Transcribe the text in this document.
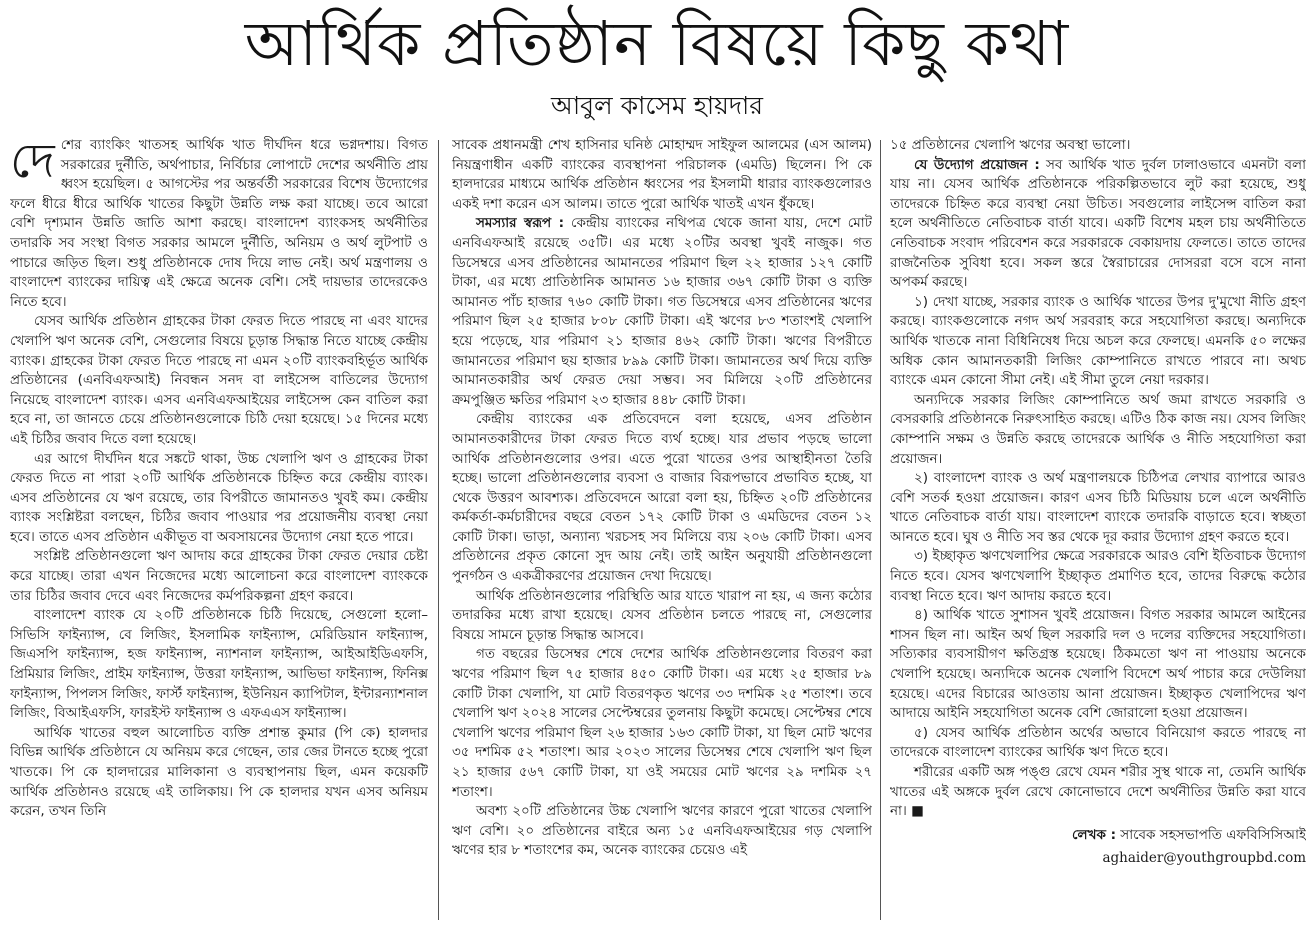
আর্থিক প্রতিষ্ঠান বিষয়ে কিছু কথা
আবুল কাসেম হায়দার

দেশের ব্যাংকিং খাতসহ আর্থিক খাত দীর্ঘদিন ধরে ভগ্নদশায়। বিগত সরকারের দুর্নীতি, অর্থপাচার, নির্বিচার লোপাটে দেশের অর্থনীতি প্রায় ধ্বংস হয়েছিল। ৫ আগস্টের পর অন্তর্বর্তী সরকারের বিশেষ উদ্যোগের ফলে ধীরে ধীরে আর্থিক খাতের কিছুটা উন্নতি লক্ষ করা যাচ্ছে। তবে আরো বেশি দৃশ্যমান উন্নতি জাতি আশা করছে। বাংলাদেশ ব্যাংকসহ অর্থনীতির তদারকি সব সংস্থা বিগত সরকার আমলে দুর্নীতি, অনিয়ম ও অর্থ লুটপাট ও পাচারে জড়িত ছিল। শুধু প্রতিষ্ঠানকে দোষ দিয়ে লাভ নেই। অর্থ মন্ত্রণালয় ও বাংলাদেশ ব্যাংকের দায়িত্ব এই ক্ষেত্রে অনেক বেশি। সেই দায়ভার তাদেরকেও নিতে হবে।

যেসব আর্থিক প্রতিষ্ঠান গ্রাহকের টাকা ফেরত দিতে পারছে না এবং যাদের খেলাপি ঋণ অনেক বেশি, সেগুলোর বিষয়ে চূড়ান্ত সিদ্ধান্ত নিতে যাচ্ছে কেন্দ্রীয় ব্যাংক। গ্রাহকের টাকা ফেরত দিতে পারছে না এমন ২০টি ব্যাংকবহির্ভূত আর্থিক প্রতিষ্ঠানের (এনবিএফআই) নিবন্ধন সনদ বা লাইসেন্স বাতিলের উদ্যোগ নিয়েছে বাংলাদেশ ব্যাংক। এসব এনবিএফআইয়ের লাইসেন্স কেন বাতিল করা হবে না, তা জানতে চেয়ে প্রতিষ্ঠানগুলোকে চিঠি দেয়া হয়েছে। ১৫ দিনের মধ্যে এই চিঠির জবাব দিতে বলা হয়েছে।

এর আগে দীর্ঘদিন ধরে সঙ্কটে থাকা, উচ্চ খেলাপি ঋণ ও গ্রাহকের টাকা ফেরত দিতে না পারা ২০টি আর্থিক প্রতিষ্ঠানকে চিহ্নিত করে কেন্দ্রীয় ব্যাংক। এসব প্রতিষ্ঠানের যে ঋণ রয়েছে, তার বিপরীতে জামানতও খুবই কম। কেন্দ্রীয় ব্যাংক সংশ্লিষ্টরা বলছেন, চিঠির জবাব পাওয়ার পর প্রয়োজনীয় ব্যবস্থা নেয়া হবে। তাতে এসব প্রতিষ্ঠান একীভূত বা অবসায়নের উদ্যোগ নেয়া হতে পারে।

সংশ্লিষ্ট প্রতিষ্ঠানগুলো ঋণ আদায় করে গ্রাহকের টাকা ফেরত দেয়ার চেষ্টা করে যাচ্ছে। তারা এখন নিজেদের মধ্যে আলোচনা করে বাংলাদেশ ব্যাংককে তার চিঠির জবাব দেবে এবং নিজেদের কর্মপরিকল্পনা গ্রহণ করবে।

বাংলাদেশ ব্যাংক যে ২০টি প্রতিষ্ঠানকে চিঠি দিয়েছে, সেগুলো হলো– সিভিসি ফাইন্যান্স, বে লিজিং, ইসলামিক ফাইন্যান্স, মেরিডিয়ান ফাইন্যান্স, জিএসপি ফাইন্যান্স, হজ ফাইন্যান্স, ন্যাশনাল ফাইন্যান্স, আইআইডিএফসি, প্রিমিয়ার লিজিং, প্রাইম ফাইন্যান্স, উত্তরা ফাইন্যান্স, আভিভা ফাইন্যান্স, ফিনিক্স ফাইন্যান্স, পিপলস লিজিং, ফার্স্ট ফাইন্যান্স, ইউনিয়ন ক্যাপিটাল, ইন্টারন্যাশনাল লিজিং, বিআইএফসি, ফারইস্ট ফাইন্যান্স ও এফএএস ফাইন্যান্স।

আর্থিক খাতের বহুল আলোচিত ব্যক্তি প্রশান্ত কুমার (পি কে) হালদার বিভিন্ন আর্থিক প্রতিষ্ঠানে যে অনিয়ম করে গেছেন, তার জের টানতে হচ্ছে পুরো খাতকে। পি কে হালদারের মালিকানা ও ব্যবস্থাপনায় ছিল, এমন কয়েকটি আর্থিক প্রতিষ্ঠানও রয়েছে এই তালিকায়। পি কে হালদার যখন এসব অনিয়ম করেন, তখন তিনি

সাবেক প্রধানমন্ত্রী শেখ হাসিনার ঘনিষ্ঠ মোহাম্মদ সাইফুল আলমের (এস আলম) নিয়ন্ত্রণাধীন একটি ব্যাংকের ব্যবস্থাপনা পরিচালক (এমডি) ছিলেন। পি কে হালদারের মাধ্যমে আর্থিক প্রতিষ্ঠান ধ্বংসের পর ইসলামী ধারার ব্যাংকগুলোরও একই দশা করেন এস আলম। তাতে পুরো আর্থিক খাতই এখন ধুঁকছে।

সমস্যার স্বরূপ : কেন্দ্রীয় ব্যাংকের নথিপত্র থেকে জানা যায়, দেশে মোট এনবিএফআই রয়েছে ৩৫টি। এর মধ্যে ২০টির অবস্থা খুবই নাজুক। গত ডিসেম্বরে এসব প্রতিষ্ঠানের আমানতের পরিমাণ ছিল ২২ হাজার ১২৭ কোটি টাকা, এর মধ্যে প্রাতিষ্ঠানিক আমানত ১৬ হাজার ৩৬৭ কোটি টাকা ও ব্যক্তি আমানত পাঁচ হাজার ৭৬০ কোটি টাকা। গত ডিসেম্বরে এসব প্রতিষ্ঠানের ঋণের পরিমাণ ছিল ২৫ হাজার ৮০৮ কোটি টাকা। এই ঋণের ৮৩ শতাংশই খেলাপি হয়ে পড়েছে, যার পরিমাণ ২১ হাজার ৪৬২ কোটি টাকা। ঋণের বিপরীতে জামানতের পরিমাণ ছয় হাজার ৮৯৯ কোটি টাকা। জামানতের অর্থ দিয়ে ব্যক্তি আমানতকারীর অর্থ ফেরত দেয়া সম্ভব। সব মিলিয়ে ২০টি প্রতিষ্ঠানের ক্রমপুঞ্জিত ক্ষতির পরিমাণ ২৩ হাজার ৪৪৮ কোটি টাকা।

কেন্দ্রীয় ব্যাংকের এক প্রতিবেদনে বলা হয়েছে, এসব প্রতিষ্ঠান আমানতকারীদের টাকা ফেরত দিতে ব্যর্থ হচ্ছে। যার প্রভাব পড়ছে ভালো আর্থিক প্রতিষ্ঠানগুলোর ওপর। এতে পুরো খাতের ওপর আস্থাহীনতা তৈরি হচ্ছে। ভালো প্রতিষ্ঠানগুলোর ব্যবসা ও বাজার বিরূপভাবে প্রভাবিত হচ্ছে, যা থেকে উত্তরণ আবশ্যক। প্রতিবেদনে আরো বলা হয়, চিহ্নিত ২০টি প্রতিষ্ঠানের কর্মকর্তা-কর্মচারীদের বছরে বেতন ১৭২ কোটি টাকা ও এমডিদের বেতন ১২ কোটি টাকা। ভাড়া, অন্যান্য খরচসহ সব মিলিয়ে ব্যয় ২০৬ কোটি টাকা। এসব প্রতিষ্ঠানের প্রকৃত কোনো সুদ আয় নেই। তাই আইন অনুযায়ী প্রতিষ্ঠানগুলো পুনর্গঠন ও একত্রীকরণের প্রয়োজন দেখা দিয়েছে।

আর্থিক প্রতিষ্ঠানগুলোর পরিস্থিতি আর যাতে খারাপ না হয়, এ জন্য কঠোর তদারকির মধ্যে রাখা হয়েছে। যেসব প্রতিষ্ঠান চলতে পারছে না, সেগুলোর বিষয়ে সামনে চূড়ান্ত সিদ্ধান্ত আসবে।

গত বছরের ডিসেম্বর শেষে দেশের আর্থিক প্রতিষ্ঠানগুলোর বিতরণ করা ঋণের পরিমাণ ছিল ৭৫ হাজার ৪৫০ কোটি টাকা। এর মধ্যে ২৫ হাজার ৮৯ কোটি টাকা খেলাপি, যা মোট বিতরণকৃত ঋণের ৩৩ দশমিক ২৫ শতাংশ। তবে খেলাপি ঋণ ২০২৪ সালের সেপ্টেম্বরের তুলনায় কিছুটা কমেছে। সেপ্টেম্বর শেষে খেলাপি ঋণের পরিমাণ ছিল ২৬ হাজার ১৬৩ কোটি টাকা, যা ছিল মোট ঋণের ৩৫ দশমিক ৫২ শতাংশ। আর ২০২৩ সালের ডিসেম্বর শেষে খেলাপি ঋণ ছিল ২১ হাজার ৫৬৭ কোটি টাকা, যা ওই সময়ের মোট ঋণের ২৯ দশমিক ২৭ শতাংশ।

অবশ্য ২০টি প্রতিষ্ঠানের উচ্চ খেলাপি ঋণের কারণে পুরো খাতের খেলাপি ঋণ বেশি। ২০ প্রতিষ্ঠানের বাইরে অন্য ১৫ এনবিএফআইয়ের গড় খেলাপি ঋণের হার ৮ শতাংশের কম, অনেক ব্যাংকের চেয়েও এই

১৫ প্রতিষ্ঠানের খেলাপি ঋণের অবস্থা ভালো।

যে উদ্যোগ প্রয়োজন : সব আর্থিক খাত দুর্বল ঢালাওভাবে এমনটা বলা যায় না। যেসব আর্থিক প্রতিষ্ঠানকে পরিকল্পিতভাবে লুট করা হয়েছে, শুধু তাদেরকে চিহ্নিত করে ব্যবস্থা নেয়া উচিত। সবগুলোর লাইসেন্স বাতিল করা হলে অর্থনীতিতে নেতিবাচক বার্তা যাবে। একটি বিশেষ মহল চায় অর্থনীতিতে নেতিবাচক সংবাদ পরিবেশন করে সরকারকে বেকায়দায় ফেলতে। তাতে তাদের রাজনৈতিক সুবিধা হবে। সকল স্তরে স্বৈরাচারের দোসররা বসে বসে নানা অপকর্ম করছে।

১) দেখা যাচ্ছে, সরকার ব্যাংক ও আর্থিক খাতের উপর দু'মুখো নীতি গ্রহণ করছে। ব্যাংকগুলোকে নগদ অর্থ সরবরাহ করে সহযোগিতা করছে। অন্যদিকে আর্থিক খাতকে নানা বিধিনিষেধ দিয়ে অচল করে ফেলছে। এমনকি ৫০ লক্ষের অধিক কোন আমানতকারী লিজিং কোম্পানিতে রাখতে পারবে না। অথচ ব্যাংকে এমন কোনো সীমা নেই। এই সীমা তুলে নেয়া দরকার।

অন্যদিকে সরকার লিজিং কোম্পানিতে অর্থ জমা রাখতে সরকারি ও বেসরকারি প্রতিষ্ঠানকে নিরুৎসাহিত করছে। এটিও ঠিক কাজ নয়। যেসব লিজিং কোম্পানি সক্ষম ও উন্নতি করছে তাদেরকে আর্থিক ও নীতি সহযোগিতা করা প্রয়োজন।

২) বাংলাদেশ ব্যাংক ও অর্থ মন্ত্রণালয়কে চিঠিপত্র লেখার ব্যাপারে আরও বেশি সতর্ক হওয়া প্রয়োজন। কারণ এসব চিঠি মিডিয়ায় চলে এলে অর্থনীতি খাতে নেতিবাচক বার্তা যায়। বাংলাদেশ ব্যাংকে তদারকি বাড়াতে হবে। স্বচ্ছতা আনতে হবে। ঘুষ ও নীতি সব স্তর থেকে দূর করার উদ্যোগ গ্রহণ করতে হবে।

৩) ইচ্ছাকৃত ঋণখেলাপির ক্ষেত্রে সরকারকে আরও বেশি ইতিবাচক উদ্যোগ নিতে হবে। যেসব ঋণখেলাপি ইচ্ছাকৃত প্রমাণিত হবে, তাদের বিরুদ্ধে কঠোর ব্যবস্থা নিতে হবে। ঋণ আদায় করতে হবে।

৪) আর্থিক খাতে সুশাসন খুবই প্রয়োজন। বিগত সরকার আমলে আইনের শাসন ছিল না। আইন অর্থ ছিল সরকারি দল ও দলের ব্যক্তিদের সহযোগিতা। সত্যিকার ব্যবসায়ীগণ ক্ষতিগ্রস্ত হয়েছে। ঠিকমতো ঋণ না পাওয়ায় অনেকে খেলাপি হয়েছে। অন্যদিকে অনেক খেলাপি বিদেশে অর্থ পাচার করে দেউলিয়া হয়েছে। এদের বিচারের আওতায় আনা প্রয়োজন। ইচ্ছাকৃত খেলাপিদের ঋণ আদায়ে আইনি সহযোগিতা অনেক বেশি জোরালো হওয়া প্রয়োজন।

৫) যেসব আর্থিক প্রতিষ্ঠান অর্থের অভাবে বিনিয়োগ করতে পারছে না তাদেরকে বাংলাদেশ ব্যাংকের আর্থিক ঋণ দিতে হবে।

শরীরের একটি অঙ্গ পঙ্গু রেখে যেমন শরীর সুস্থ থাকে না, তেমনি আর্থিক খাতের এই অঙ্গকে দুর্বল রেখে কোনোভাবে দেশে অর্থনীতির উন্নতি করা যাবে না। ■

লেখক : সাবেক সহসভাপতি এফবিসিসিআই
aghaider@youthgroupbd.com
